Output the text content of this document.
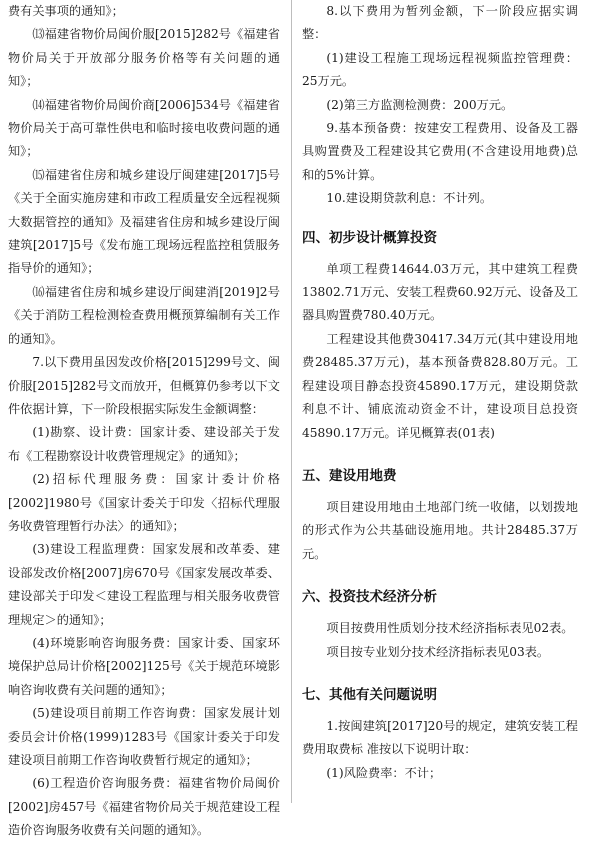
费有关事项的通知》；

⒀福建省物价局闽价服[2015]282号《福建省物价局关于开放部分服务价格等有关问题的通知》；

⒁福建省物价局闽价商[2006]534号《福建省物价局关于高可靠性供电和临时接电收费问题的通知》；

⒂福建省住房和城乡建设厅闽建建[2017]5号《关于全面实施房建和市政工程质量安全远程视频大数据管控的通知》及福建省住房和城乡建设厅闽建筑[2017]5号《发布施工现场远程监控租赁服务指导价的通知》；

⒃福建省住房和城乡建设厅闽建消[2019]2号《关于消防工程检测检查费用概预算编制有关工作的通知》。

7.以下费用虽因发改价格[2015]299号文、闽价服[2015]282号文而放开，但概算仍参考以下文件依据计算，下一阶段根据实际发生金额调整：

(1)勘察、设计费：国家计委、建设部关于发布《工程勘察设计收费管理规定》的通知》；

(2)招标代理服务费：国家计委计价格[2002]1980号《国家计委关于印发〈招标代理服务收费管理暂行办法〉的通知》；

(3)建设工程监理费：国家发展和改革委、建设部发改价格[2007]房670号《国家发展改革委、建设部关于印发＜建设工程监理与相关服务收费管理规定＞的通知》；

(4)环境影响咨询服务费：国家计委、国家环境保护总局计价格[2002]125号《关于规范环境影响咨询收费有关问题的通知》；

(5)建设项目前期工作咨询费：国家发展计划委员会计价格(1999)1283号《国家计委关于印发建设项目前期工作咨询收费暂行规定的通知》；

(6)工程造价咨询服务费：福建省物价局闽价[2002]房457号《福建省物价局关于规范建设工程造价咨询服务收费有关问题的通知》。

8.以下费用为暂列金额，下一阶段应据实调整：

(1)建设工程施工现场远程视频监控管理费：25万元。

(2)第三方监测检测费：200万元。

9.基本预备费：按建安工程费用、设备及工器具购置费及工程建设其它费用(不含建设用地费)总和的5%计算。

10.建设期贷款利息：不计列。

四、初步设计概算投资

单项工程费14644.03万元，其中建筑工程费13802.71万元、安装工程费60.92万元、设备及工器具购置费780.40万元。

工程建设其他费30417.34万元(其中建设用地费28485.37万元)，基本预备费828.80万元。工程建设项目静态投资45890.17万元，建设期贷款利息不计、铺底流动资金不计，建设项目总投资45890.17万元。详见概算表(01表)

五、建设用地费

项目建设用地由土地部门统一收储，以划拨地的形式作为公共基础设施用地。共计28485.37万元。

六、投资技术经济分析

项目按费用性质划分技术经济指标表见02表。

项目按专业划分技术经济指标表见03表。

七、其他有关问题说明

1.按闽建筑[2017]20号的规定，建筑安装工程费用取费标 准按以下说明计取：

(1)风险费率：不计；
